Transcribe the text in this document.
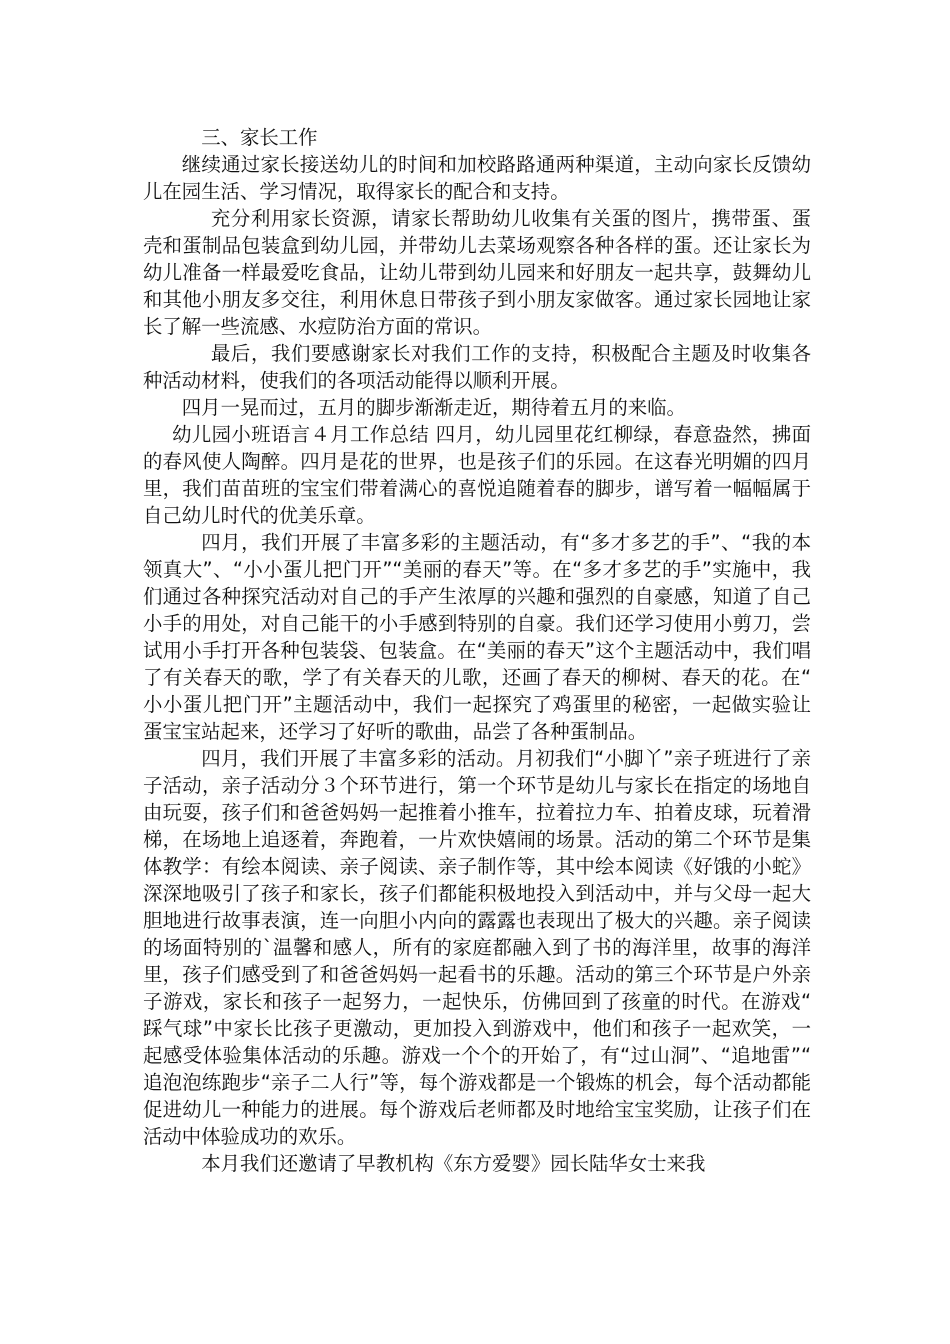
三、家长工作

继续通过家长接送幼儿的时间和加校路路通两种渠道，主动向家长反馈幼儿在园生活、学习情况，取得家长的配合和支持。

充分利用家长资源，请家长帮助幼儿收集有关蛋的图片，携带蛋、蛋壳和蛋制品包装盒到幼儿园，并带幼儿去菜场观察各种各样的蛋。还让家长为幼儿准备一样最爱吃食品，让幼儿带到幼儿园来和好朋友一起共享，鼓舞幼儿和其他小朋友多交往，利用休息日带孩子到小朋友家做客。通过家长园地让家长了解一些流感、水痘防治方面的常识。

最后，我们要感谢家长对我们工作的支持，积极配合主题及时收集各种活动材料，使我们的各项活动能得以顺利开展。

四月一晃而过，五月的脚步渐渐走近，期待着五月的来临。

幼儿园小班语言４月工作总结 四月，幼儿园里花红柳绿，春意盎然，拂面的春风使人陶醉。四月是花的世界，也是孩子们的乐园。在这春光明媚的四月里，我们苗苗班的宝宝们带着满心的喜悦追随着春的脚步，谱写着一幅幅属于自己幼儿时代的优美乐章。

四月，我们开展了丰富多彩的主题活动，有“多才多艺的手”、“我的本领真大”、“小小蛋儿把门开”“美丽的春天”等。在“多才多艺的手”实施中，我们通过各种探究活动对自己的手产生浓厚的兴趣和强烈的自豪感，知道了自己小手的用处，对自己能干的小手感到特别的自豪。我们还学习使用小剪刀，尝试用小手打开各种包装袋、包装盒。在“美丽的春天”这个主题活动中，我们唱了有关春天的歌，学了有关春天的儿歌，还画了春天的柳树、春天的花。在“小小蛋儿把门开”主题活动中，我们一起探究了鸡蛋里的秘密，一起做实验让蛋宝宝站起来，还学习了好听的歌曲，品尝了各种蛋制品。

四月，我们开展了丰富多彩的活动。月初我们“小脚丫”亲子班进行了亲子活动，亲子活动分３个环节进行，第一个环节是幼儿与家长在指定的场地自由玩耍，孩子们和爸爸妈妈一起推着小推车，拉着拉力车、拍着皮球，玩着滑梯，在场地上追逐着，奔跑着，一片欢快嬉闹的场景。活动的第二个环节是集体教学：有绘本阅读、亲子阅读、亲子制作等，其中绘本阅读《好饿的小蛇》深深地吸引了孩子和家长，孩子们都能积极地投入到活动中，并与父母一起大胆地进行故事表演，连一向胆小内向的露露也表现出了极大的兴趣。亲子阅读的场面特别的`温馨和感人，所有的家庭都融入到了书的海洋里，故事的海洋里，孩子们感受到了和爸爸妈妈一起看书的乐趣。活动的第三个环节是户外亲子游戏，家长和孩子一起努力，一起快乐，仿佛回到了孩童的时代。在游戏“踩气球”中家长比孩子更激动，更加投入到游戏中，他们和孩子一起欢笑，一起感受体验集体活动的乐趣。游戏一个个的开始了，有“过山洞”、“追地雷”“追泡泡练跑步“亲子二人行”等，每个游戏都是一个锻炼的机会，每个活动都能促进幼儿一种能力的进展。每个游戏后老师都及时地给宝宝奖励，让孩子们在活动中体验成功的欢乐。

本月我们还邀请了早教机构《东方爱婴》园长陆华女士来我
